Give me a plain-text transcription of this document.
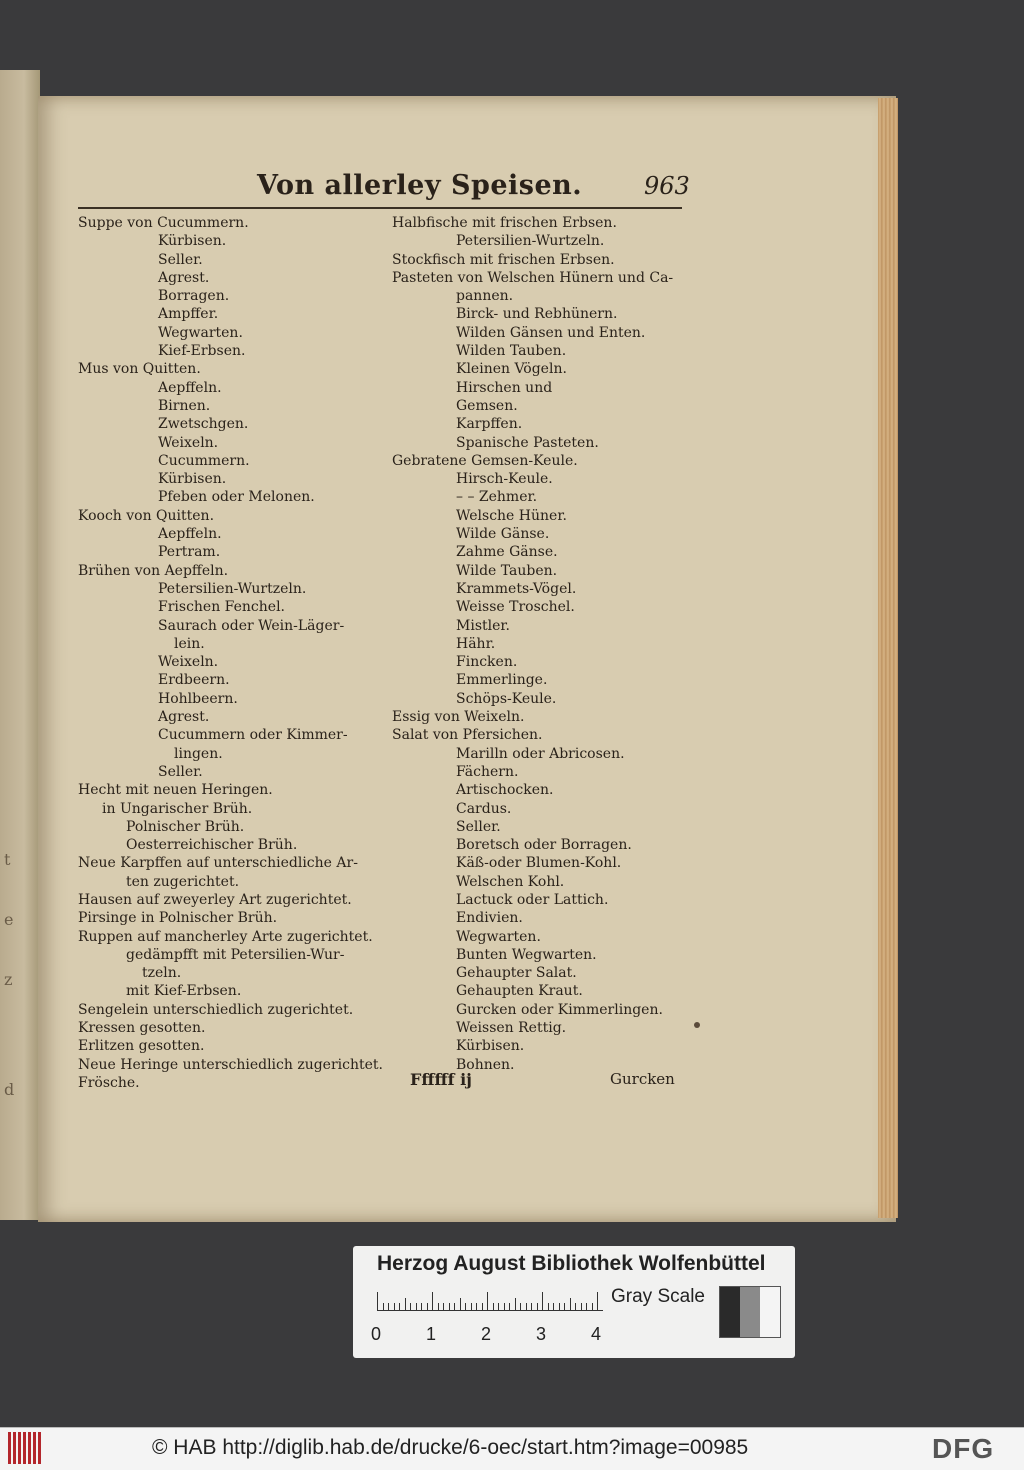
t
e
z
d
Von allerley Speisen.	963
Suppe von Cucummern.
Kürbisen.
Seller.
Agrest.
Borragen.
Ampffer.
Wegwarten.
Kief-Erbsen.
Mus von Quitten.
Aepffeln.
Birnen.
Zwetschgen.
Weixeln.
Cucummern.
Kürbisen.
Pfeben oder Melonen.
Kooch von Quitten.
Aepffeln.
Pertram.
Brühen von Aepffeln.
Petersilien-Wurtzeln.
Frischen Fenchel.
Saurach oder Wein-Läger-
lein.
Weixeln.
Erdbeern.
Hohlbeern.
Agrest.
Cucummern oder Kimmer-
lingen.
Seller.
Hecht mit neuen Heringen.
in Ungarischer Brüh.
Polnischer Brüh.
Oesterreichischer Brüh.
Neue Karpffen auf unterschiedliche Ar-
ten zugerichtet.
Hausen auf zweyerley Art zugerichtet.
Pirsinge in Polnischer Brüh.
Ruppen auf mancherley Arte zugerichtet.
gedämpfft mit Petersilien-Wur-
tzeln.
mit Kief-Erbsen.
Sengelein unterschiedlich zugerichtet.
Kressen gesotten.
Erlitzen gesotten.
Neue Heringe unterschiedlich zugerichtet.
Frösche.
Halbfische mit frischen Erbsen.
Petersilien-Wurtzeln.
Stockfisch mit frischen Erbsen.
Pasteten von Welschen Hünern und Ca-
pannen.
Birck- und Rebhünern.
Wilden Gänsen und Enten.
Wilden Tauben.
Kleinen Vögeln.
Hirschen und
Gemsen.
Karpffen.
Spanische Pasteten.
Gebratene Gemsen-Keule.
Hirsch-Keule.
– – Zehmer.
Welsche Hüner.
Wilde Gänse.
Zahme Gänse.
Wilde Tauben.
Krammets-Vögel.
Weisse Troschel.
Mistler.
Hähr.
Fincken.
Emmerlinge.
Schöps-Keule.
Essig von Weixeln.
Salat von Pfersichen.
Marilln oder Abricosen.
Fächern.
Artischocken.
Cardus.
Seller.
Boretsch oder Borragen.
Käß-oder Blumen-Kohl.
Welschen Kohl.
Lactuck oder Lattich.
Endivien.
Wegwarten.
Bunten Wegwarten.
Gehaupter Salat.
Gehaupten Kraut.
Gurcken oder Kimmerlingen.
Weissen Rettig.
Kürbisen.
Bohnen.
Ffffff ij	Gurcken
Herzog August Bibliothek Wolfenbüttel
0 1 2 3 4
Gray Scale
© HAB http://diglib.hab.de/drucke/6-oec/start.htm?image=00985	DFG
